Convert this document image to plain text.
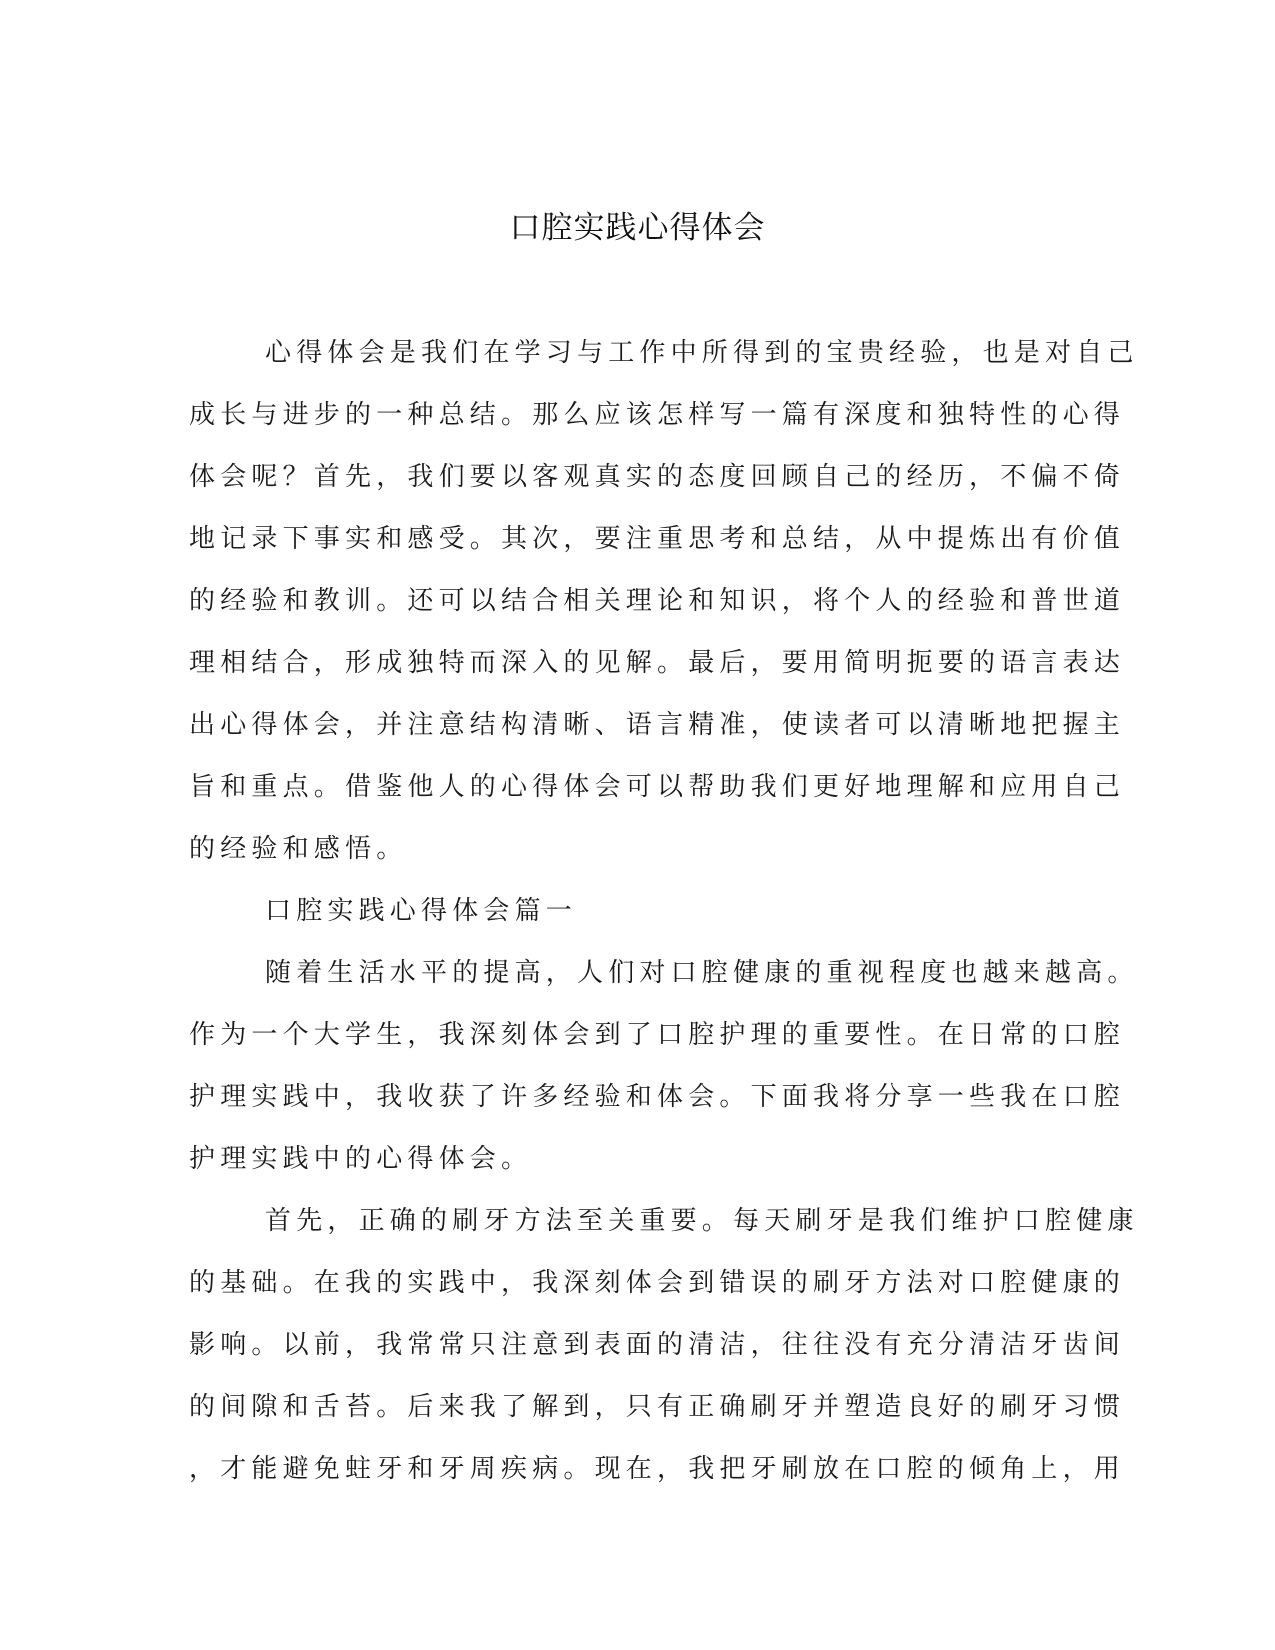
口腔实践心得体会

心得体会是我们在学习与工作中所得到的宝贵经验，也是对自己

成长与进步的一种总结。那么应该怎样写一篇有深度和独特性的心得

体会呢？首先，我们要以客观真实的态度回顾自己的经历，不偏不倚

地记录下事实和感受。其次，要注重思考和总结，从中提炼出有价值

的经验和教训。还可以结合相关理论和知识，将个人的经验和普世道

理相结合，形成独特而深入的见解。最后，要用简明扼要的语言表达

出心得体会，并注意结构清晰、语言精准，使读者可以清晰地把握主

旨和重点。借鉴他人的心得体会可以帮助我们更好地理解和应用自己

的经验和感悟。

口腔实践心得体会篇一

随着生活水平的提高，人们对口腔健康的重视程度也越来越高。

作为一个大学生，我深刻体会到了口腔护理的重要性。在日常的口腔

护理实践中，我收获了许多经验和体会。下面我将分享一些我在口腔

护理实践中的心得体会。

首先，正确的刷牙方法至关重要。每天刷牙是我们维护口腔健康

的基础。在我的实践中，我深刻体会到错误的刷牙方法对口腔健康的

影响。以前，我常常只注意到表面的清洁，往往没有充分清洁牙齿间

的间隙和舌苔。后来我了解到，只有正确刷牙并塑造良好的刷牙习惯

，才能避免蛀牙和牙周疾病。现在，我把牙刷放在口腔的倾角上，用
